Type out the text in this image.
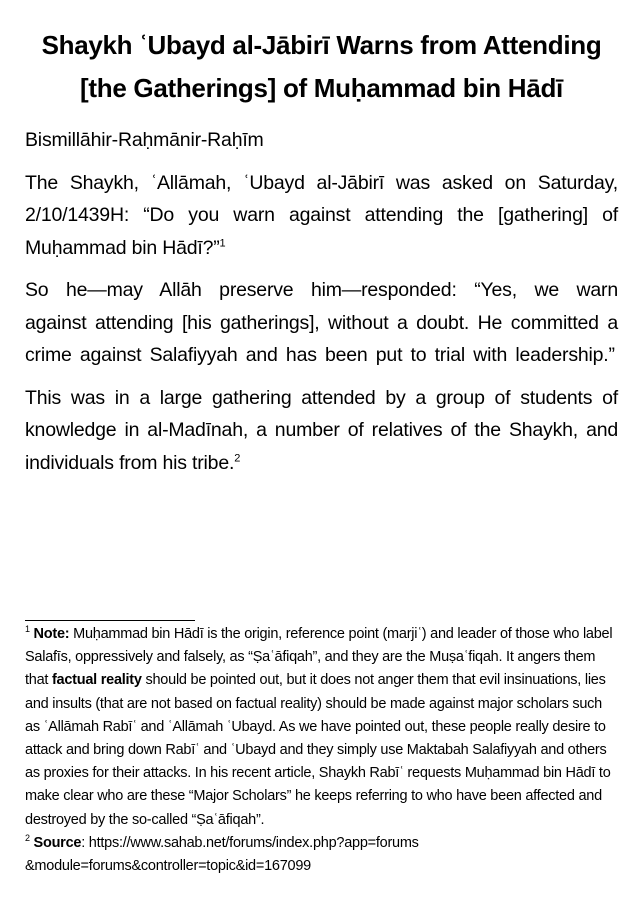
Shaykh ʿUbayd al-Jābirī Warns from Attending [the Gatherings] of Muḥammad bin Hādī

Bismillāhir-Raḥmānir-Raḥīm

The Shaykh, ʿAllāmah, ʿUbayd al-Jābirī was asked on Saturday, 2/10/1439H: “Do you warn against attending the [gathering] of Muḥammad bin Hādī?”$^1$

So he—may Allāh preserve him—responded: “Yes, we warn against attending [his gatherings], without a doubt. He committed a crime against Salafiyyah and has been put to trial with leadership.”

This was in a large gathering attended by a group of students of knowledge in al-Madīnah, a number of relatives of the Shaykh, and individuals from his tribe.$^2$

$^1$ Note: Muḥammad bin Hādī is the origin, reference point (marjiʿ) and leader of those who label Salafīs, oppressively and falsely, as “Ṣaʿāfiqah”, and they are the Muṣaʿfiqah. It angers them that factual reality should be pointed out, but it does not anger them that evil insinuations, lies and insults (that are not based on factual reality) should be made against major scholars such as ʿAllāmah Rabīʿ and ʿAllāmah ʿUbayd. As we have pointed out, these people really desire to attack and bring down Rabīʿ and ʿUbayd and they simply use Maktabah Salafiyyah and others as proxies for their attacks. In his recent article, Shaykh Rabīʿ requests Muḥammad bin Hādī to make clear who are these “Major Scholars” he keeps referring to who have been affected and destroyed by the so-called “Ṣaʿāfiqah”.

$^2$ Source: https://www.sahab.net/forums/index.php?app=forums
&module=forums&controller=topic&id=167099
